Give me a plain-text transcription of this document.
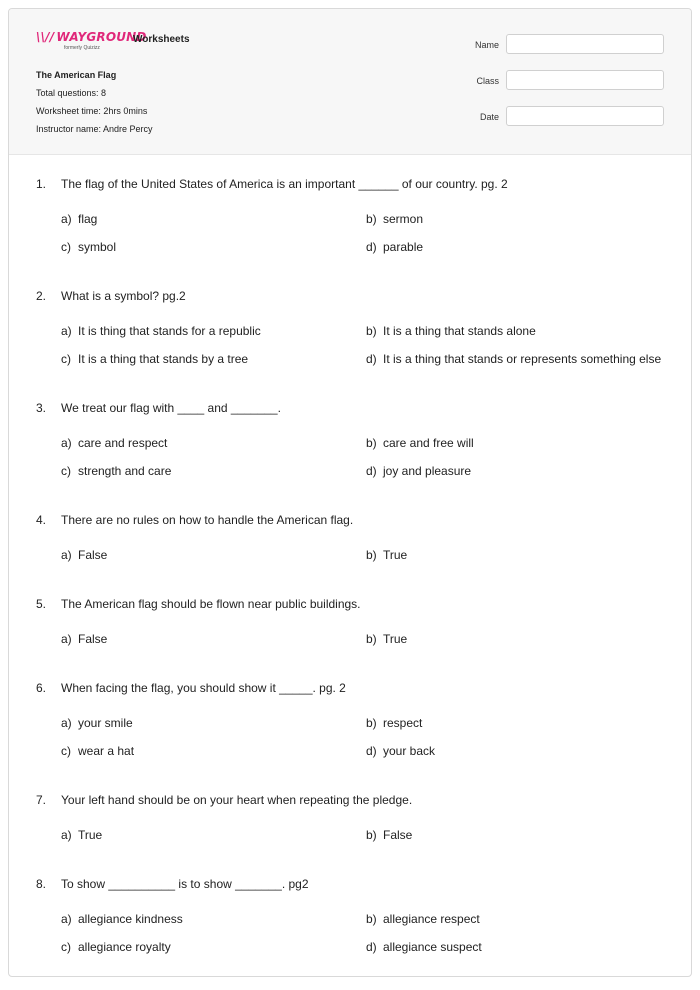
\\// WAYGROUND
formerly Quizizz
Worksheets
The American Flag
Total questions: 8
Worksheet time: 2hrs 0mins
Instructor name: Andre Percy
Name
Class
Date
1. The flag of the United States of America is an important ______ of our country. pg. 2
a) flag	b) sermon
c) symbol	d) parable
2. What is a symbol? pg.2
a) It is thing that stands for a republic	b) It is a thing that stands alone
c) It is a thing that stands by a tree	d) It is a thing that stands or represents something else
3. We treat our flag with ____ and _______.
a) care and respect	b) care and free will
c) strength and care	d) joy and pleasure
4. There are no rules on how to handle the American flag.
a) False	b) True
5. The American flag should be flown near public buildings.
a) False	b) True
6. When facing the flag, you should show it _____. pg. 2
a) your smile	b) respect
c) wear a hat	d) your back
7. Your left hand should be on your heart when repeating the pledge.
a) True	b) False
8. To show __________ is to show _______. pg2
a) allegiance kindness	b) allegiance respect
c) allegiance royalty	d) allegiance suspect
